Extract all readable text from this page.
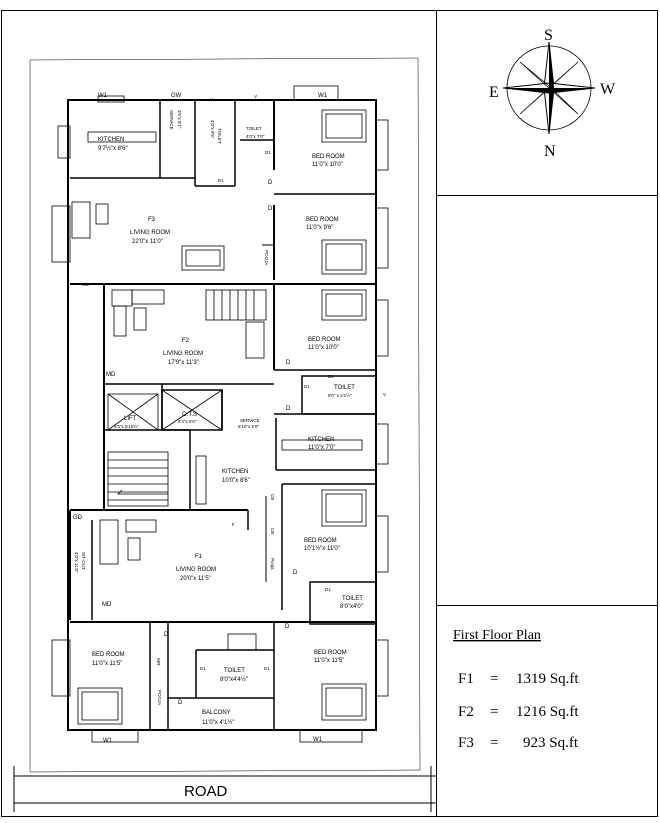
S
N
E	W
First Floor Plan
F1 = 1319 Sq.ft
F2 = 1216 Sq.ft
F3 = 923 Sq.ft
ROAD
KITCHEN
9'7½"x 8'6"
SERVICE 3'6"x 8'1"
TOILET
4'0"x 8'6"	TOILET
4'0"x 7'0"
BED ROOM
11'0"x 10'0"
F3
LIVING ROOM
22'0"x 11'0"
BED ROOM
11'0"x 9'6"
POOJA
F2
LIVING ROOM
17'9"x 11'3"
BED ROOM
11'0"x 10'0"
TOILET
8'0" x 4'1½"
LIFT
5'3"x 5'10½"
O.T.S
8'3"x 5'0"	SERVICE
5'10"x 5'0"
KITCHEN
11'0"x 7'0"
KITCHEN
10'0"x 8'6"
BED ROOM
10'1½"x 11'0"
F1
LIVING ROOM
20'0"x 11'5"
SIT-OUT
4'0"x 11'0"
TOILET
8'0"x4'0"
BED ROOM
11'0"x 11'5"
BED ROOM
11'0"x 11'5"
TOILET
8'0"x4'4½"
BALCONY
11'0"x 4'1½"
POOJA
WR
W1	GW	W1
W1	W1
V
V
V
D
D
D
D
D
D
D
D
D1
D1
D1
D1
D1
D1	D1
MD
MD
MD
GD
CB
CB
Pooja
F
